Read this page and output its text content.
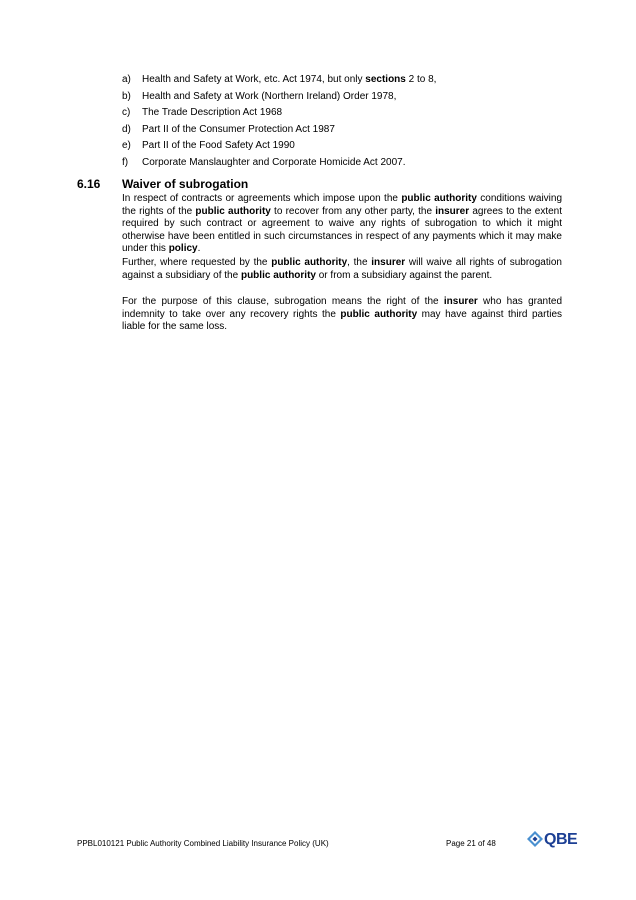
a) Health and Safety at Work, etc. Act 1974, but only sections 2 to 8,
b) Health and Safety at Work (Northern Ireland) Order 1978,
c) The Trade Description Act 1968
d) Part II of the Consumer Protection Act 1987
e) Part II of the Food Safety Act 1990
f) Corporate Manslaughter and Corporate Homicide Act 2007.
6.16 Waiver of subrogation
In respect of contracts or agreements which impose upon the public authority conditions waiving the rights of the public authority to recover from any other party, the insurer agrees to the extent required by such contract or agreement to waive any rights of subrogation to which it might otherwise have been entitled in such circumstances in respect of any payments which it may make under this policy.
Further, where requested by the public authority, the insurer will waive all rights of subrogation against a subsidiary of the public authority or from a subsidiary against the parent.
For the purpose of this clause, subrogation means the right of the insurer who has granted indemnity to take over any recovery rights the public authority may have against third parties liable for the same loss.
PPBL010121 Public Authority Combined Liability Insurance Policy (UK)	Page 21 of 48	QBE
